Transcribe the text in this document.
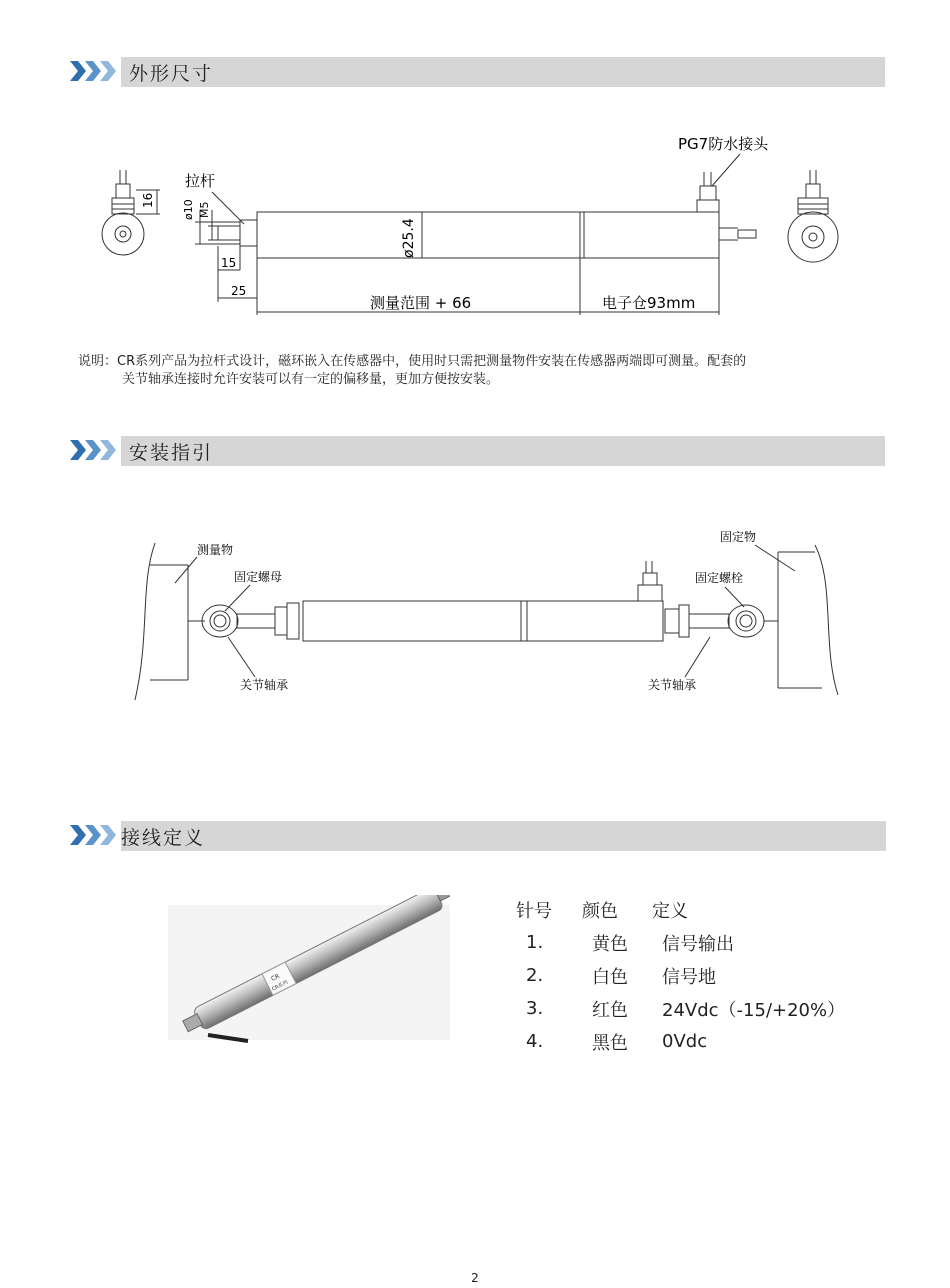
外形尺寸
16
拉杆
ø10 M5
ø25.4
PG7防水接头
15
25
测量范围 + 66	电子仓93mm
说明：CR系列产品为拉杆式设计，磁环嵌入在传感器中，使用时只需把测量物件安装在传感器两端即可测量。配套的
关节轴承连接时允许安装可以有一定的偏移量，更加方便按安装。
安装指引
测量物
固定螺母
关节轴承
固定螺栓
关节轴承
固定物
接线定义
CR
CR系列
针号	颜色	定义
1.	黄色	信号输出
2.	白色	信号地
3.	红色	24Vdc（-15/+20%）
4.	黑色	0Vdc
2
